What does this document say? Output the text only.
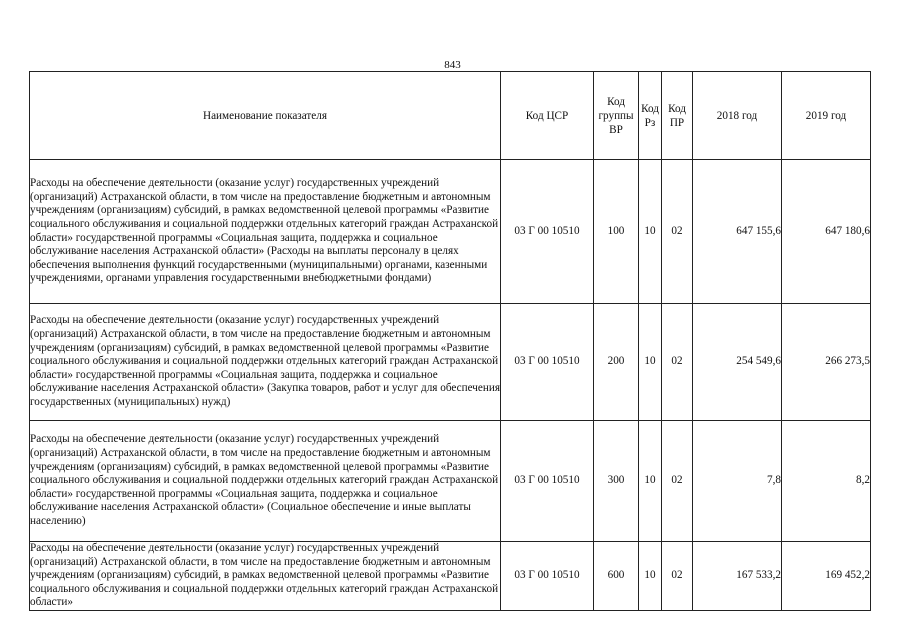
843
Наименование показателя	Код ЦСР	Код группы ВР	Код Рз	Код ПР	2018 год	2019 год
Расходы на обеспечение деятельности (оказание услуг) государственных учреждений (организаций) Астраханской области, в том числе на предоставление бюджетным и автономным учреждениям (организациям) субсидий, в рамках ведомственной целевой программы «Развитие социального обслуживания и социальной поддержки отдельных категорий граждан Астраханской области» государственной программы «Социальная защита, поддержка и социальное обслуживание населения Астраханской области» (Расходы на выплаты персоналу в целях обеспечения выполнения функций государственными (муниципальными) органами, казенными учреждениями, органами управления государственными внебюджетными фондами)	03 Г 00 10510	100	10	02	647 155,6	647 180,6
Расходы на обеспечение деятельности (оказание услуг) государственных учреждений (организаций) Астраханской области, в том числе на предоставление бюджетным и автономным учреждениям (организациям) субсидий, в рамках ведомственной целевой программы «Развитие социального обслуживания и социальной поддержки отдельных категорий граждан Астраханской области» государственной программы «Социальная защита, поддержка и социальное обслуживание населения Астраханской области» (Закупка товаров, работ и услуг для обеспечения государственных (муниципальных) нужд)	03 Г 00 10510	200	10	02	254 549,6	266 273,5
Расходы на обеспечение деятельности (оказание услуг) государственных учреждений (организаций) Астраханской области, в том числе на предоставление бюджетным и автономным учреждениям (организациям) субсидий, в рамках ведомственной целевой программы «Развитие социального обслуживания и социальной поддержки отдельных категорий граждан Астраханской области» государственной программы «Социальная защита, поддержка и социальное обслуживание населения Астраханской области» (Социальное обеспечение и иные выплаты населению)	03 Г 00 10510	300	10	02	7,8	8,2
Расходы на обеспечение деятельности (оказание услуг) государственных учреждений (организаций) Астраханской области, в том числе на предоставление бюджетным и автономным учреждениям (организациям) субсидий, в рамках ведомственной целевой программы «Развитие социального обслуживания и социальной поддержки отдельных категорий граждан Астраханской области»	03 Г 00 10510	600	10	02	167 533,2	169 452,2
